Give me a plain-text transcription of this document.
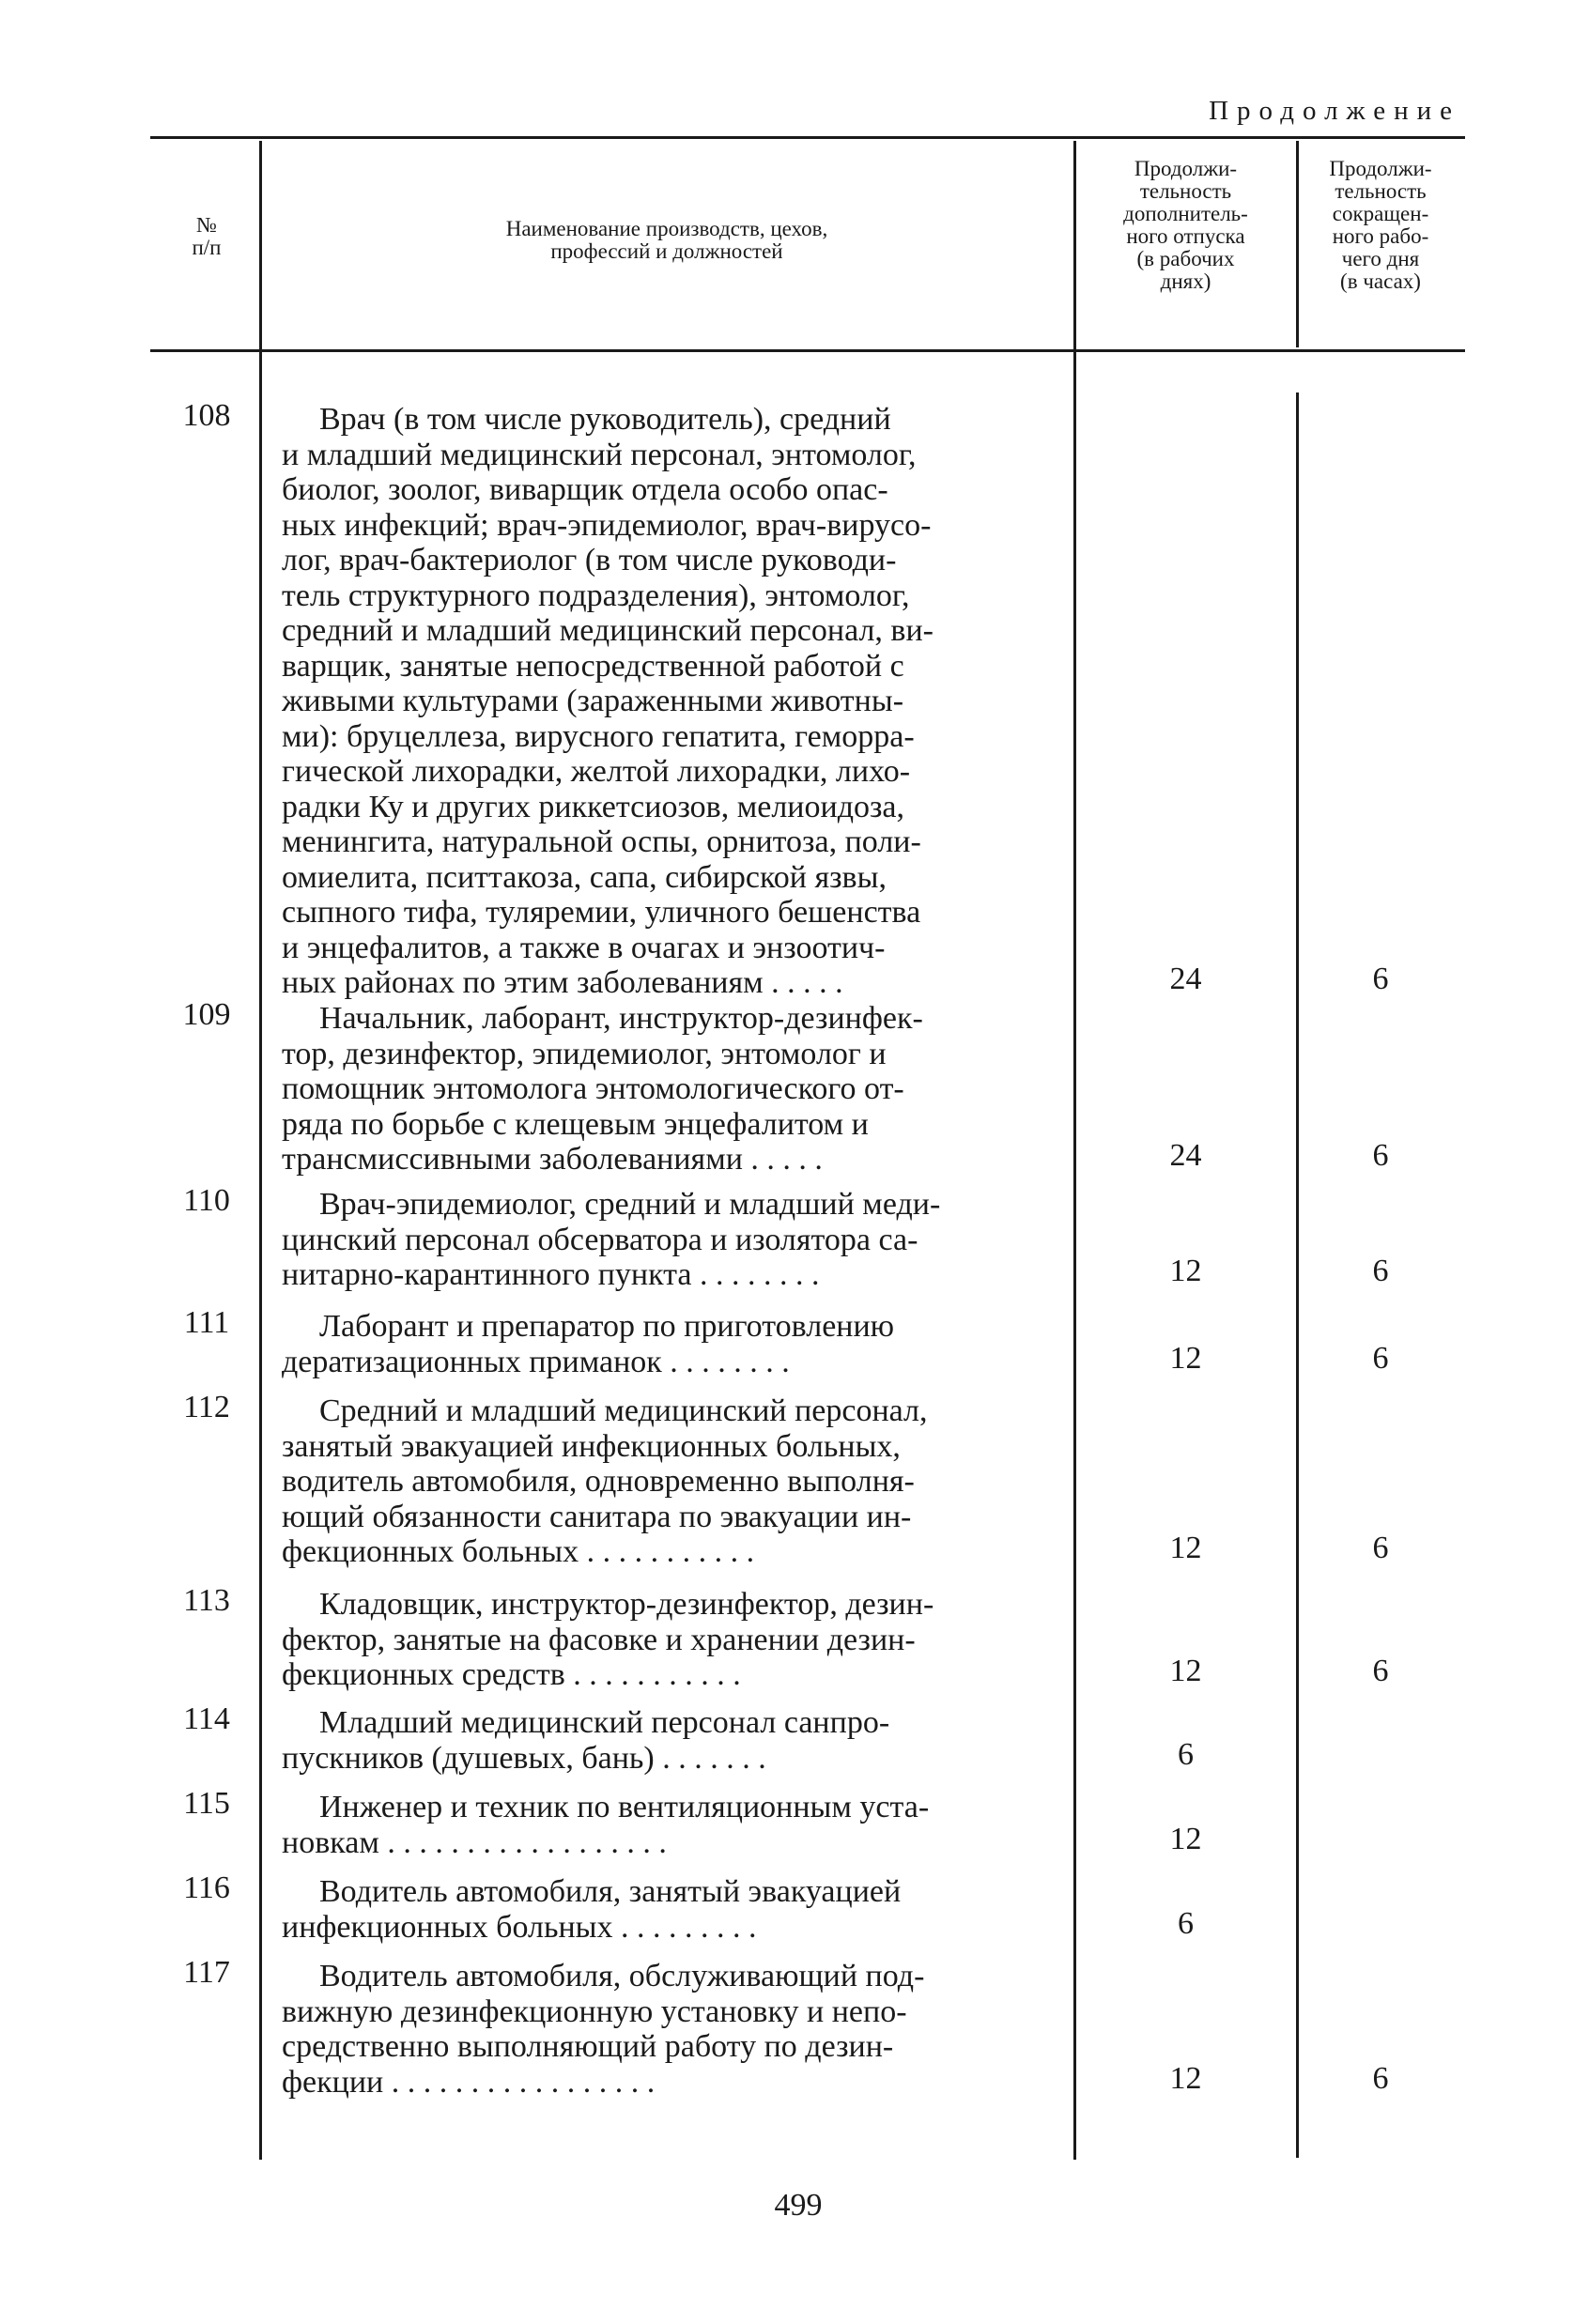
Продолжение
№
п/п
Наименование производств, цехов,
профессий и должностей
Продолжи-
тельность
дополнитель-
ного отпуска
(в рабочих
днях)
Продолжи-
тельность
сокращен-
ного рабо-
чего дня
(в часах)
108	Врач (в том числе руководитель), средний
и младший медицинский персонал, энтомолог,
биолог, зоолог, виварщик отдела особо опас-
ных инфекций; врач-эпидемиолог, врач-вирусо-
лог, врач-бактериолог (в том числе руководи-
тель структурного подразделения), энтомолог,
средний и младший медицинский персонал, ви-
варщик, занятые непосредственной работой с
живыми культурами (зараженными животны-
ми): бруцеллеза, вирусного гепатита, геморра-
гической лихорадки, желтой лихорадки, лихо-
радки Ку и других риккетсиозов, мелиоидоза,
менингита, натуральной оспы, орнитоза, поли-
омиелита, пситтакоза, сапа, сибирской язвы,
сыпного тифа, туляремии, уличного бешенства
и энцефалитов, а также в очагах и энзоотич-
ных районах по этим заболеваниям . . . . .	24	6
109	Начальник, лаборант, инструктор-дезинфек-
тор, дезинфектор, эпидемиолог, энтомолог и
помощник энтомолога энтомологического от-
ряда по борьбе с клещевым энцефалитом и
трансмиссивными заболеваниями . . . . .	24	6
110	Врач-эпидемиолог, средний и младший меди-
цинский персонал обсерватора и изолятора са-
нитарно-карантинного пункта . . . . . . . .	12	6
111	Лаборант и препаратор по приготовлению
дератизационных приманок . . . . . . . .	12	6
112	Средний и младший медицинский персонал,
занятый эвакуацией инфекционных больных,
водитель автомобиля, одновременно выполня-
ющий обязанности санитара по эвакуации ин-
фекционных больных . . . . . . . . . . .	12	6
113	Кладовщик, инструктор-дезинфектор, дезин-
фектор, занятые на фасовке и хранении дезин-
фекционных средств . . . . . . . . . . .	12	6
114	Младший медицинский персонал санпро-
пускников (душевых, бань) . . . . . . .	6
115	Инженер и техник по вентиляционным уста-
новкам . . . . . . . . . . . . . . . . . .	12
116	Водитель автомобиля, занятый эвакуацией
инфекционных больных . . . . . . . . .	6
117	Водитель автомобиля, обслуживающий под-
вижную дезинфекционную установку и непо-
средственно выполняющий работу по дезин-
фекции . . . . . . . . . . . . . . . . .	12	6
499
